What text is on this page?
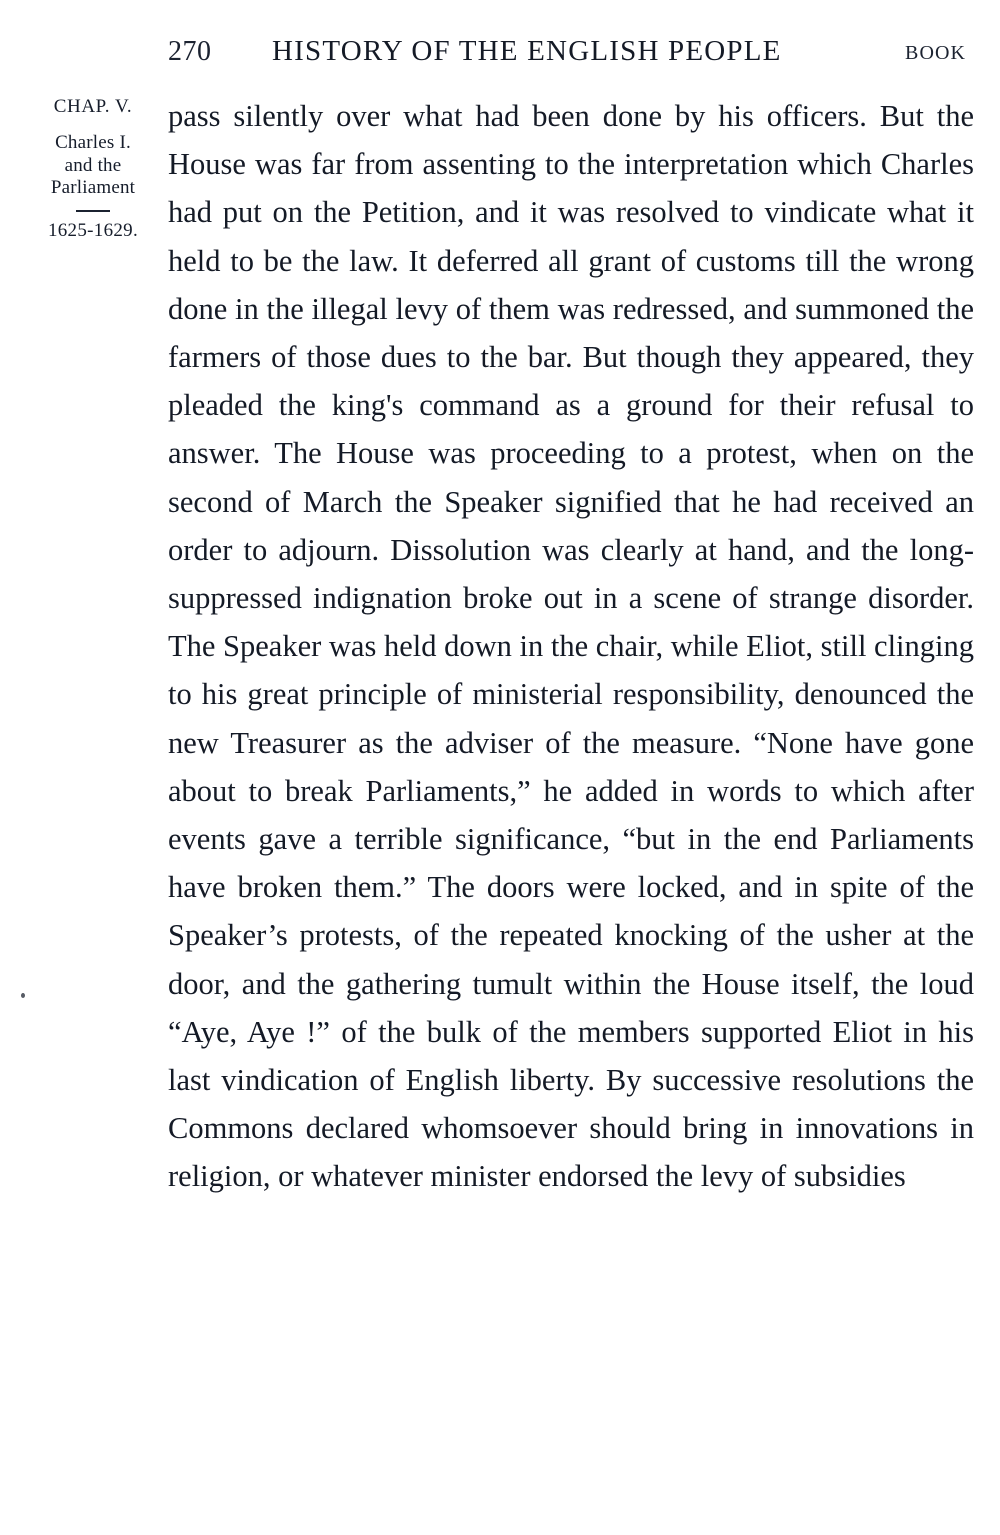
270 HISTORY OF THE ENGLISH PEOPLE	BOOK
CHAP. V.
Charles I.
and the
Parliament
1625-1629.

pass silently over what had been done by his officers. But the House was far from assenting to the interpretation which Charles had put on the Petition, and it was resolved to vindicate what it held to be the law. It deferred all grant of customs till the wrong done in the illegal levy of them was redressed, and summoned the farmers of those dues to the bar. But though they appeared, they pleaded the king's command as a ground for their refusal to answer. The House was proceeding to a protest, when on the second of March the Speaker signified that he had received an order to adjourn. Dissolution was clearly at hand, and the long-suppressed indignation broke out in a scene of strange disorder. The Speaker was held down in the chair, while Eliot, still clinging to his great principle of ministerial responsibility, denounced the new Treasurer as the adviser of the measure. “None have gone about to break Parliaments,” he added in words to which after events gave a terrible significance, “but in the end Parliaments have broken them.” The doors were locked, and in spite of the Speaker’s protests, of the repeated knocking of the usher at the door, and the gathering tumult within the House itself, the loud “Aye, Aye !” of the bulk of the members supported Eliot in his last vindication of English liberty. By successive resolutions the Commons declared whomsoever should bring in innovations in religion, or whatever minister endorsed the levy of subsidies
